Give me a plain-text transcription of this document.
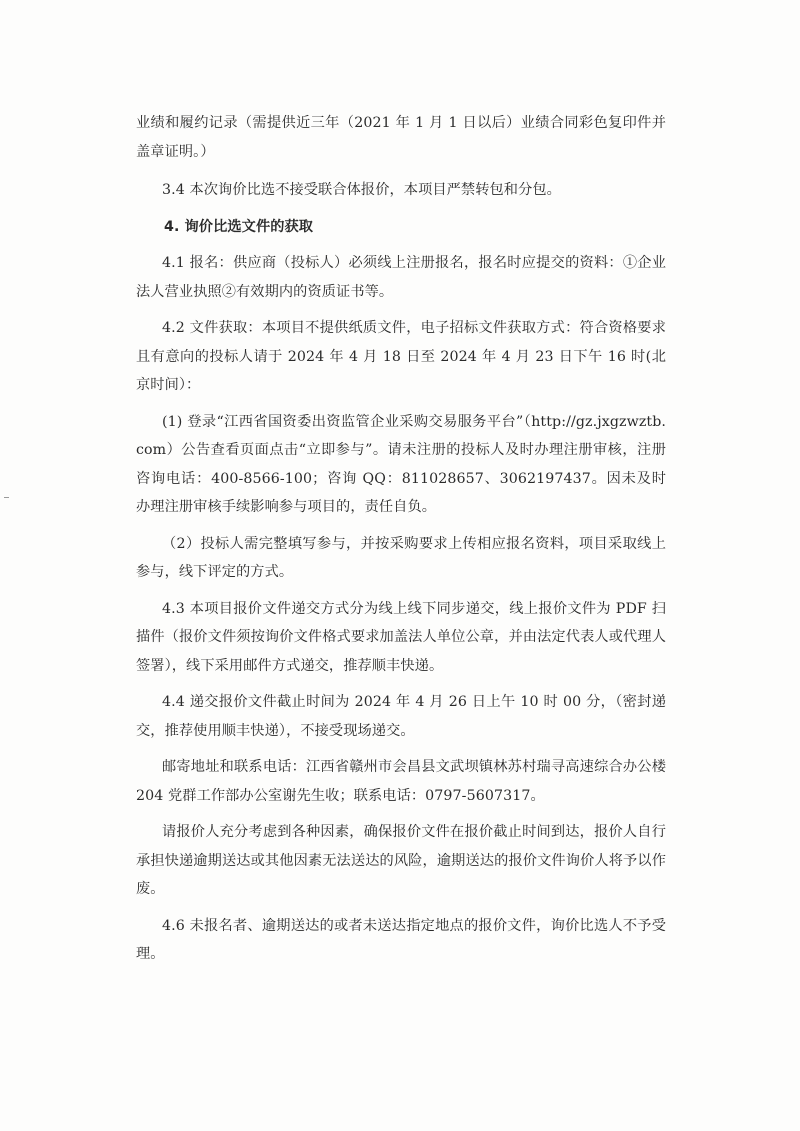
业绩和履约记录（需提供近三年（2021 年 1 月 1 日以后）业绩合同彩色复印件并盖章证明。）

3.4 本次询价比选不接受联合体报价，本项目严禁转包和分包。

4. 询价比选文件的获取

4.1 报名：供应商（投标人）必须线上注册报名，报名时应提交的资料：①企业法人营业执照②有效期内的资质证书等。

4.2 文件获取：本项目不提供纸质文件，电子招标文件获取方式：符合资格要求且有意向的投标人请于 2024 年 4 月 18 日至 2024 年 4 月 23 日下午 16 时(北京时间）：

(1) 登录“江西省国资委出资监管企业采购交易服务平台”（http://gz.jxgzwztb.com）公告查看页面点击“立即参与”。请未注册的投标人及时办理注册审核，注册咨询电话：400-8566-100；咨询 QQ：811028657、3062197437。因未及时办理注册审核手续影响参与项目的，责任自负。

（2）投标人需完整填写参与，并按采购要求上传相应报名资料，项目采取线上参与，线下评定的方式。

4.3 本项目报价文件递交方式分为线上线下同步递交，线上报价文件为 PDF 扫描件（报价文件须按询价文件格式要求加盖法人单位公章，并由法定代表人或代理人签署），线下采用邮件方式递交，推荐顺丰快递。

4.4 递交报价文件截止时间为 2024 年 4 月 26 日上午 10 时 00 分，（密封递交，推荐使用顺丰快递），不接受现场递交。

邮寄地址和联系电话：江西省赣州市会昌县文武坝镇林苏村瑞寻高速综合办公楼 204 党群工作部办公室谢先生收；联系电话：0797-5607317。

请报价人充分考虑到各种因素，确保报价文件在报价截止时间到达，报价人自行承担快递逾期送达或其他因素无法送达的风险，逾期送达的报价文件询价人将予以作废。

4.6 未报名者、逾期送达的或者未送达指定地点的报价文件，询价比选人不予受理。
